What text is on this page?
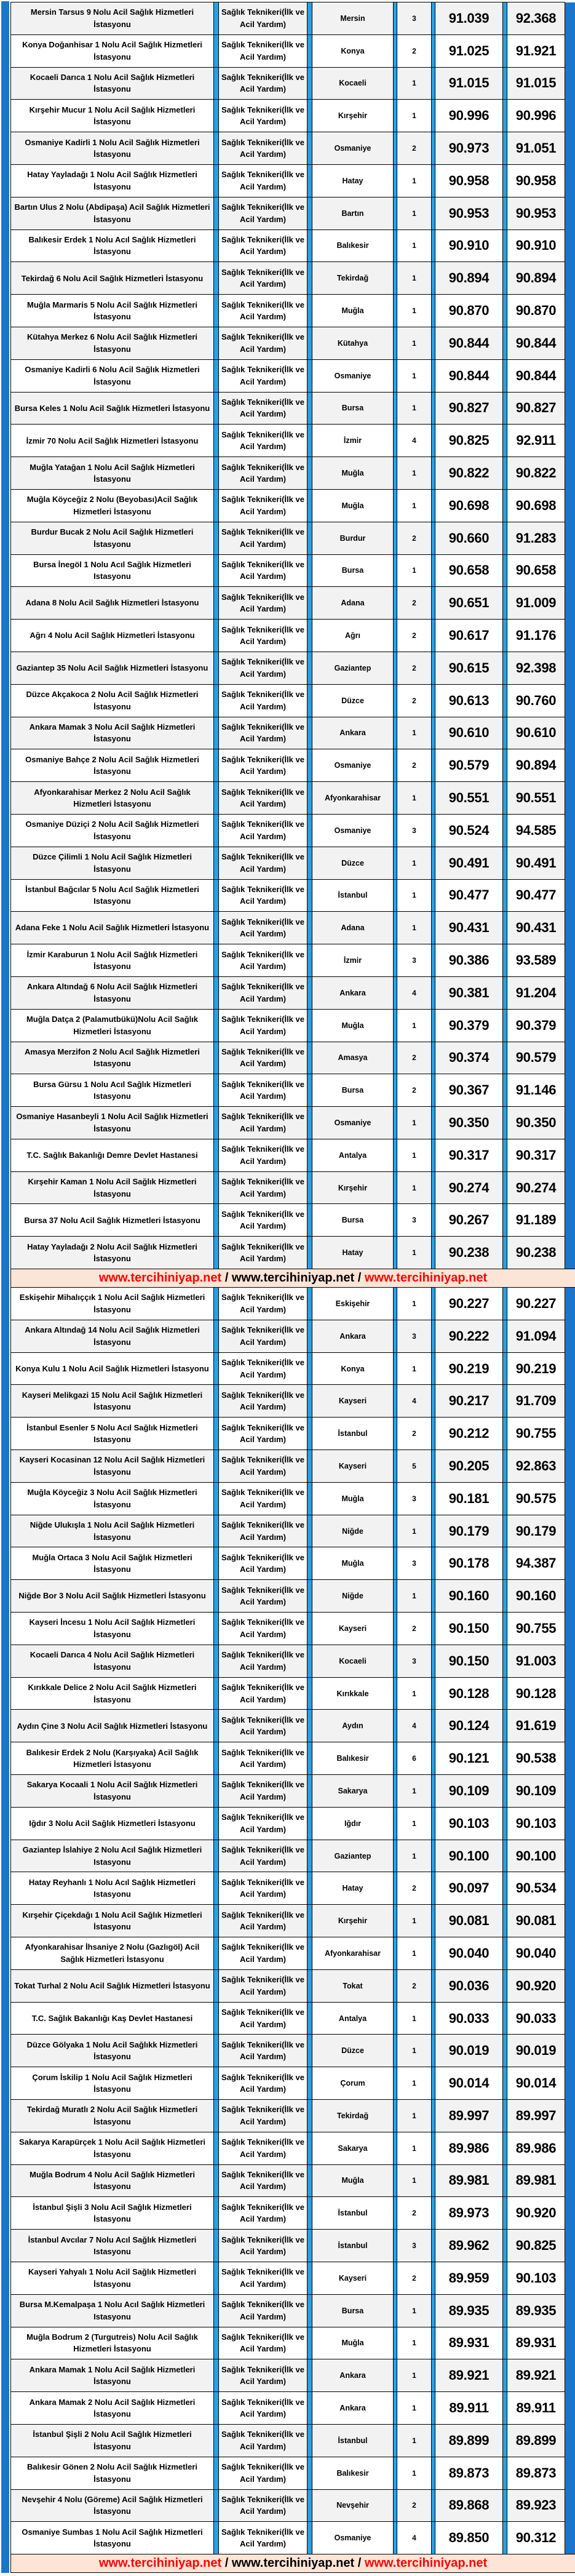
Mersin Tarsus 9 Nolu Acil Sağlık Hizmetleri İstasyonu		Sağlık Teknikeri(İlk ve Acil Yardım)		Mersin		3		91.039		92.368	
Konya Doğanhisar 1 Nolu Acil Sağlık Hizmetleri İstasyonu		Sağlık Teknikeri(İlk ve Acil Yardım)		Konya		2		91.025		91.921	
Kocaeli Darıca 1 Nolu Acil Sağlık Hizmetleri İstasyonu		Sağlık Teknikeri(İlk ve Acil Yardım)		Kocaeli		1		91.015		91.015	
Kırşehir Mucur 1 Nolu Acil Sağlık Hizmetleri İstasyonu		Sağlık Teknikeri(İlk ve Acil Yardım)		Kırşehir		1		90.996		90.996	
Osmaniye Kadirli 1 Nolu Acil Sağlık Hizmetleri İstasyonu		Sağlık Teknikeri(İlk ve Acil Yardım)		Osmaniye		2		90.973		91.051	
Hatay Yayladağı 1 Nolu Acil Sağlık Hizmetleri İstasyonu		Sağlık Teknikeri(İlk ve Acil Yardım)		Hatay		1		90.958		90.958	
Bartın Ulus 2 Nolu (Abdipaşa) Acil Sağlık Hizmetleri İstasyonu		Sağlık Teknikeri(İlk ve Acil Yardım)		Bartın		1		90.953		90.953	
Balıkesir Erdek 1 Nolu Acıl Sağlık Hizmetleri İstasyonu		Sağlık Teknikeri(İlk ve Acil Yardım)		Balıkesir		1		90.910		90.910	
Tekirdağ 6 Nolu Acil Sağlık Hizmetleri İstasyonu		Sağlık Teknikeri(İlk ve Acil Yardım)		Tekirdağ		1		90.894		90.894	
Muğla Marmaris 5 Nolu Acil Sağlık Hizmetleri İstasyonu		Sağlık Teknikeri(İlk ve Acil Yardım)		Muğla		1		90.870		90.870	
Kütahya Merkez 6 Nolu Acil Sağlık Hizmetleri İstasyonu		Sağlık Teknikeri(İlk ve Acil Yardım)		Kütahya		1		90.844		90.844	
Osmaniye Kadirli 6 Nolu Acil Sağlık Hizmetleri İstasyonu		Sağlık Teknikeri(İlk ve Acil Yardım)		Osmaniye		1		90.844		90.844	
Bursa Keles 1 Nolu Acil Sağlık Hizmetleri İstasyonu		Sağlık Teknikeri(İlk ve Acil Yardım)		Bursa		1		90.827		90.827	
İzmir 70 Nolu Acil Sağlık Hizmetleri İstasyonu		Sağlık Teknikeri(İlk ve Acil Yardım)		İzmir		4		90.825		92.911	
Muğla Yatağan 1 Nolu Acil Sağlık Hizmetleri İstasyonu		Sağlık Teknikeri(İlk ve Acil Yardım)		Muğla		1		90.822		90.822	
Muğla Köyceğiz 2 Nolu (Beyobası)Acil Sağlık Hizmetleri İstasyonu		Sağlık Teknikeri(İlk ve Acil Yardım)		Muğla		1		90.698		90.698	
Burdur Bucak 2 Nolu Acil Sağlık Hizmetleri İstasyonu		Sağlık Teknikeri(İlk ve Acil Yardım)		Burdur		2		90.660		91.283	
Bursa İnegöl 1 Nolu Acıl Sağlık Hizmetleri Istasyonu		Sağlık Teknikeri(İlk ve Acil Yardım)		Bursa		1		90.658		90.658	
Adana 8 Nolu Acil Sağlık Hizmetleri İstasyonu		Sağlık Teknikeri(İlk ve Acil Yardım)		Adana		2		90.651		91.009	
Ağrı 4 Nolu Acil Sağlık Hizmetleri İstasyonu		Sağlık Teknikeri(İlk ve Acil Yardım)		Ağrı		2		90.617		91.176	
Gaziantep 35 Nolu Acil Sağlık Hizmetleri İstasyonu		Sağlık Teknikeri(İlk ve Acil Yardım)		Gaziantep		2		90.615		92.398	
Düzce Akçakoca 2 Nolu Acil Sağlık Hizmetleri İstasyonu		Sağlık Teknikeri(İlk ve Acil Yardım)		Düzce		2		90.613		90.760	
Ankara Mamak 3 Nolu Acil Sağlık Hizmetleri İstasyonu		Sağlık Teknikeri(İlk ve Acil Yardım)		Ankara		1		90.610		90.610	
Osmaniye Bahçe 2 Nolu Acil Sağlık Hizmetleri İstasyonu		Sağlık Teknikeri(İlk ve Acil Yardım)		Osmaniye		2		90.579		90.894	
Afyonkarahisar Merkez 2 Nolu Acil Sağlık Hizmetleri İstasyonu		Sağlık Teknikeri(İlk ve Acil Yardım)		Afyonkarahisar		1		90.551		90.551	
Osmaniye Düziçi 2 Nolu Acil Sağlık Hizmetleri İstasyonu		Sağlık Teknikeri(İlk ve Acil Yardım)		Osmaniye		3		90.524		94.585	
Düzce Çilimli 1 Nolu Acil Sağlık Hizmetleri İstasyonu		Sağlık Teknikeri(İlk ve Acil Yardım)		Düzce		1		90.491		90.491	
İstanbul Bağcılar 5 Nolu Acıl Sağlık Hizmetleri Istasyonu		Sağlık Teknikeri(İlk ve Acil Yardım)		İstanbul		1		90.477		90.477	
Adana Feke 1 Nolu Acil Sağlık Hizmetleri İstasyonu		Sağlık Teknikeri(İlk ve Acil Yardım)		Adana		1		90.431		90.431	
İzmir Karaburun 1 Nolu Acil Sağlık Hizmetleri İstasyonu		Sağlık Teknikeri(İlk ve Acil Yardım)		İzmir		3		90.386		93.589	
Ankara Altındağ 6 Nolu Acil Sağlık Hizmetleri İstasyonu		Sağlık Teknikeri(İlk ve Acil Yardım)		Ankara		4		90.381		91.204	
Muğla Datça 2 (Palamutbükü)Nolu Acil Sağlık Hizmetleri İstasyonu		Sağlık Teknikeri(İlk ve Acil Yardım)		Muğla		1		90.379		90.379	
Amasya Merzifon 2 Nolu Acıl Sağlık Hizmetleri Istasyonu		Sağlık Teknikeri(İlk ve Acil Yardım)		Amasya		2		90.374		90.579	
Bursa Gürsu 1 Nolu Acıl Sağlık Hizmetleri Istasyonu		Sağlık Teknikeri(İlk ve Acil Yardım)		Bursa		2		90.367		91.146	
Osmaniye Hasanbeyli 1 Nolu Acil Sağlık Hizmetleri İstasyonu		Sağlık Teknikeri(İlk ve Acil Yardım)		Osmaniye		1		90.350		90.350	
T.C. Sağlık Bakanlığı Demre Devlet Hastanesi		Sağlık Teknikeri(İlk ve Acil Yardım)		Antalya		1		90.317		90.317	
Kırşehir Kaman 1 Nolu Acil Sağlık Hizmetleri İstasyonu		Sağlık Teknikeri(İlk ve Acil Yardım)		Kırşehir		1		90.274		90.274	
Bursa 37 Nolu Acil Sağlık Hizmetleri İstasyonu		Sağlık Teknikeri(İlk ve Acil Yardım)		Bursa		3		90.267		91.189	
Hatay Yayladağı 2 Nolu Acil Sağlık Hizmetleri İstasyonu		Sağlık Teknikeri(İlk ve Acil Yardım)		Hatay		1		90.238		90.238	
www.tercihiniyap.net / www.tercihiniyap.net / www.tercihiniyap.net											
Eskişehir Mihalıççık 1 Nolu Acil Sağlık Hizmetleri İstasyonu		Sağlık Teknikeri(İlk ve Acil Yardım)		Eskişehir		1		90.227		90.227	
Ankara Altındağ 14 Nolu Acil Sağlık Hizmetleri İstasyonu		Sağlık Teknikeri(İlk ve Acil Yardım)		Ankara		3		90.222		91.094	
Konya Kulu 1 Nolu Acil Sağlık Hizmetleri İstasyonu		Sağlık Teknikeri(İlk ve Acil Yardım)		Konya		1		90.219		90.219	
Kayseri Melikgazi 15 Nolu Acil Sağlık Hizmetleri İstasyonu		Sağlık Teknikeri(İlk ve Acil Yardım)		Kayseri		4		90.217		91.709	
İstanbul Esenler 5 Nolu Acıl Sağlık Hizmetleri Istasyonu		Sağlık Teknikeri(İlk ve Acil Yardım)		İstanbul		2		90.212		90.755	
Kayseri Kocasinan 12 Nolu Acil Sağlık Hizmetleri İstasyonu		Sağlık Teknikeri(İlk ve Acil Yardım)		Kayseri		5		90.205		92.863	
Muğla Köyceğiz 3 Nolu Acil Sağlık Hizmetleri İstasyonu		Sağlık Teknikeri(İlk ve Acil Yardım)		Muğla		3		90.181		90.575	
Niğde Ulukışla 1 Nolu Acil Sağlık Hizmetleri İstasyonu		Sağlık Teknikeri(İlk ve Acil Yardım)		Niğde		1		90.179		90.179	
Muğla Ortaca 3 Nolu Acil Sağlık Hizmetleri İstasyonu		Sağlık Teknikeri(İlk ve Acil Yardım)		Muğla		3		90.178		94.387	
Niğde Bor 3 Nolu Acil Sağlık Hizmetleri İstasyonu		Sağlık Teknikeri(İlk ve Acil Yardım)		Niğde		1		90.160		90.160	
Kayseri İncesu 1 Nolu Acil Sağlık Hizmetleri İstasyonu		Sağlık Teknikeri(İlk ve Acil Yardım)		Kayseri		2		90.150		90.755	
Kocaeli Darıca 4 Nolu Acil Sağlık Hizmetleri İstasyonu		Sağlık Teknikeri(İlk ve Acil Yardım)		Kocaeli		3		90.150		91.003	
Kırıkkale Delice 2 Nolu Acil Sağlık Hizmetleri İstasyonu		Sağlık Teknikeri(İlk ve Acil Yardım)		Kırıkkale		1		90.128		90.128	
Aydın Çine 3 Nolu Acil Sağlık Hizmetleri İstasyonu		Sağlık Teknikeri(İlk ve Acil Yardım)		Aydın		4		90.124		91.619	
Balıkesir Erdek 2 Nolu (Karşıyaka) Acil Sağlık Hizmetleri İstasyonu		Sağlık Teknikeri(İlk ve Acil Yardım)		Balıkesir		6		90.121		90.538	
Sakarya Kocaali 1 Nolu Acil Sağlık Hizmetleri İstasyonu		Sağlık Teknikeri(İlk ve Acil Yardım)		Sakarya		1		90.109		90.109	
Iğdır 3 Nolu Acil Sağlık Hizmetleri İstasyonu		Sağlık Teknikeri(İlk ve Acil Yardım)		Iğdır		1		90.103		90.103	
Gaziantep İslahiye 2 Nolu Acıl Sağlık Hizmetleri Istasyonu		Sağlık Teknikeri(İlk ve Acil Yardım)		Gaziantep		1		90.100		90.100	
Hatay Reyhanlı 1 Nolu Acıl Sağlık Hizmetleri Istasyonu		Sağlık Teknikeri(İlk ve Acil Yardım)		Hatay		2		90.097		90.534	
Kırşehir Çiçekdağı 1 Nolu Acil Sağlık Hizmetleri İstasyonu		Sağlık Teknikeri(İlk ve Acil Yardım)		Kırşehir		1		90.081		90.081	
Afyonkarahisar İhsaniye 2 Nolu (Gazlıgöl) Acil Sağlık Hizmetleri İstasyonu		Sağlık Teknikeri(İlk ve Acil Yardım)		Afyonkarahisar		1		90.040		90.040	
Tokat Turhal 2 Nolu Acil Sağlık Hizmetleri İstasyonu		Sağlık Teknikeri(İlk ve Acil Yardım)		Tokat		2		90.036		90.920	
T.C. Sağlık Bakanlığı Kaş Devlet Hastanesi		Sağlık Teknikeri(İlk ve Acil Yardım)		Antalya		1		90.033		90.033	
Düzce Gölyaka 1 Nolu Acil Sağlıkk Hizmetleri İstasyonu		Sağlık Teknikeri(İlk ve Acil Yardım)		Düzce		1		90.019		90.019	
Çorum İskilip 1 Nolu Acil Sağlık Hizmetleri İstasyonu		Sağlık Teknikeri(İlk ve Acil Yardım)		Çorum		1		90.014		90.014	
Tekirdağ Muratlı 2 Nolu Acil Sağlık Hizmetleri İstasyonu		Sağlık Teknikeri(İlk ve Acil Yardım)		Tekirdağ		1		89.997		89.997	
Sakarya Karapürçek 1 Nolu Acil Sağlık Hizmetleri İstasyonu		Sağlık Teknikeri(İlk ve Acil Yardım)		Sakarya		1		89.986		89.986	
Muğla Bodrum 4 Nolu Acil Sağlık Hizmetleri İstasyonu		Sağlık Teknikeri(İlk ve Acil Yardım)		Muğla		1		89.981		89.981	
İstanbul Şişli 3 Nolu Acil Sağlık Hizmetleri İstasyonu		Sağlık Teknikeri(İlk ve Acil Yardım)		İstanbul		2		89.973		90.920	
İstanbul Avcılar 7 Nolu Acıl Sağlık Hizmetleri Istasyonu		Sağlık Teknikeri(İlk ve Acil Yardım)		İstanbul		3		89.962		90.825	
Kayseri Yahyalı 1 Nolu Acil Sağlık Hizmetleri İstasyonu		Sağlık Teknikeri(İlk ve Acil Yardım)		Kayseri		2		89.959		90.103	
Bursa M.Kemalpaşa 1 Nolu Acıl Sağlık Hizmetleri Istasyonu		Sağlık Teknikeri(İlk ve Acil Yardım)		Bursa		1		89.935		89.935	
Muğla Bodrum 2 (Turgutreis) Nolu Acil Sağlık Hizmetleri İstasyonu		Sağlık Teknikeri(İlk ve Acil Yardım)		Muğla		1		89.931		89.931	
Ankara Mamak 1 Nolu Acil Sağlık Hizmetleri İstasyonu		Sağlık Teknikeri(İlk ve Acil Yardım)		Ankara		1		89.921		89.921	
Ankara Mamak 2 Nolu Acil Sağlık Hizmetleri İstasyonu		Sağlık Teknikeri(İlk ve Acil Yardım)		Ankara		1		89.911		89.911	
İstanbul Şişli 2 Nolu Acil Sağlık Hizmetleri İstasyonu		Sağlık Teknikeri(İlk ve Acil Yardım)		İstanbul		1		89.899		89.899	
Balıkesir Gönen 2 Nolu Acil Sağlık Hizmetleri İstasyonu		Sağlık Teknikeri(İlk ve Acil Yardım)		Balıkesir		1		89.873		89.873	
Nevşehir 4 Nolu (Göreme) Acil Sağlık Hizmetleri İstasyonu		Sağlık Teknikeri(İlk ve Acil Yardım)		Nevşehir		2		89.868		89.923	
Osmaniye Sumbas 1 Nolu Acil Sağlık Hizmetleri İstasyonu		Sağlık Teknikeri(İlk ve Acil Yardım)		Osmaniye		4		89.850		90.312	
www.tercihiniyap.net / www.tercihiniyap.net / www.tercihiniyap.net											
